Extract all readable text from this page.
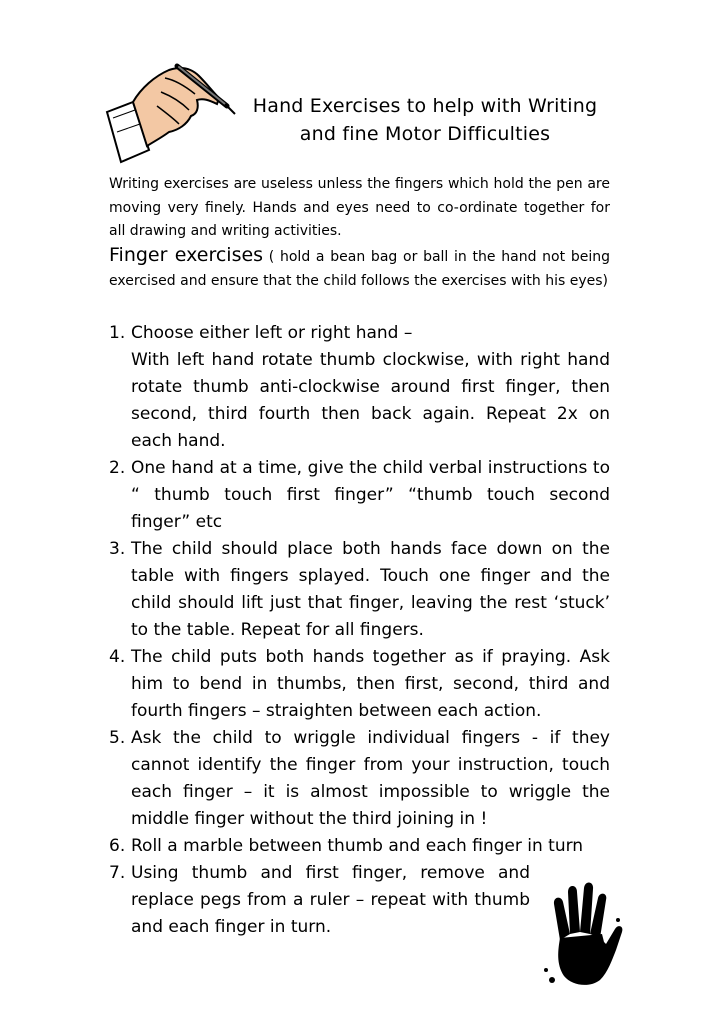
Hand Exercises to help with Writing
and fine Motor Difficulties
Writing exercises are useless unless the fingers which hold the pen are moving very finely. Hands and eyes need to co-ordinate together for all drawing and writing activities.
Finger exercises ( hold a bean bag or ball in the hand not being exercised and ensure that the child follows the exercises with his eyes)
1. Choose either left or right hand –
With left hand rotate thumb clockwise, with right hand rotate thumb anti-clockwise around first finger, then second, third fourth then back again. Repeat 2x on each hand.
2. One hand at a time, give the child verbal instructions to “ thumb touch first finger” “thumb touch second finger” etc
3. The child should place both hands face down on the table with fingers splayed. Touch one finger and the child should lift just that finger, leaving the rest ‘stuck’ to the table. Repeat for all fingers.
4. The child puts both hands together as if praying. Ask him to bend in thumbs, then first, second, third and fourth fingers – straighten between each action.
5. Ask the child to wriggle individual fingers - if they cannot identify the finger from your instruction, touch each finger – it is almost impossible to wriggle the middle finger without the third joining in !
6. Roll a marble between thumb and each finger in turn
7. Using thumb and first finger, remove and replace pegs from a ruler – repeat with thumb and each finger in turn.
